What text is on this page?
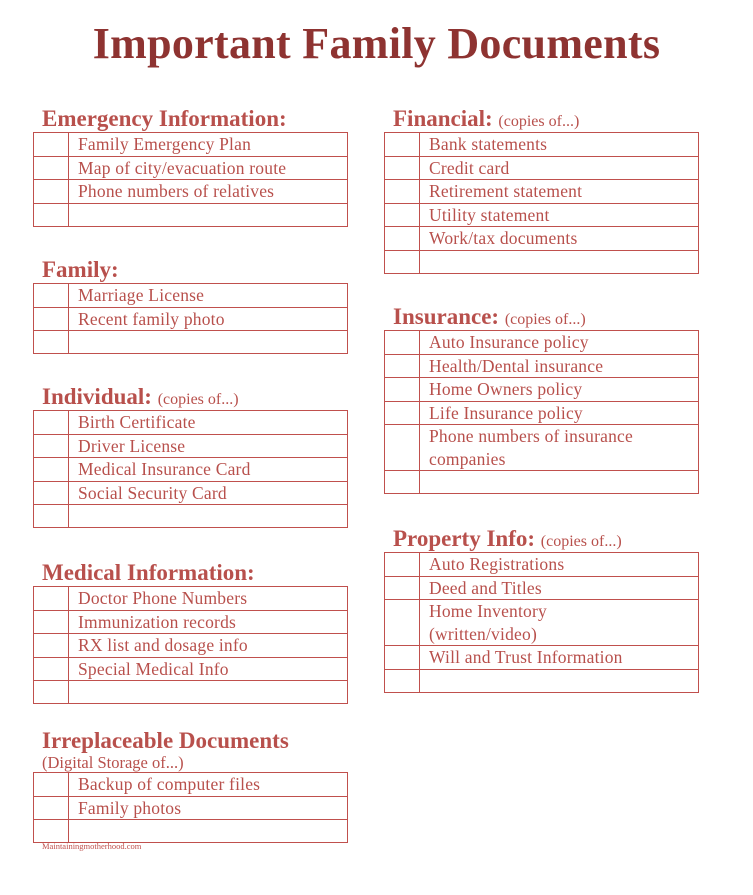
Important Family Documents
Emergency Information:
	Family Emergency Plan
	Map of city/evacuation route
	Phone numbers of relatives

Family:
	Marriage License
	Recent family photo

Individual: (copies of...)
	Birth Certificate
	Driver License
	Medical Insurance Card
	Social Security Card

Medical Information:
	Doctor Phone Numbers
	Immunization records
	RX list and dosage info
	Special Medical Info

Irreplaceable Documents
(Digital Storage of...)
	Backup of computer files
	Family photos

Financial: (copies of...)
	Bank statements
	Credit card
	Retirement statement
	Utility statement
	Work/tax documents

Insurance: (copies of...)
	Auto Insurance policy
	Health/Dental insurance
	Home Owners policy
	Life Insurance policy
	Phone numbers of insurance companies

Property Info: (copies of...)
	Auto Registrations
	Deed and Titles
	Home Inventory (written/video)
	Will and Trust Information

Maintainingmotherhood.com
